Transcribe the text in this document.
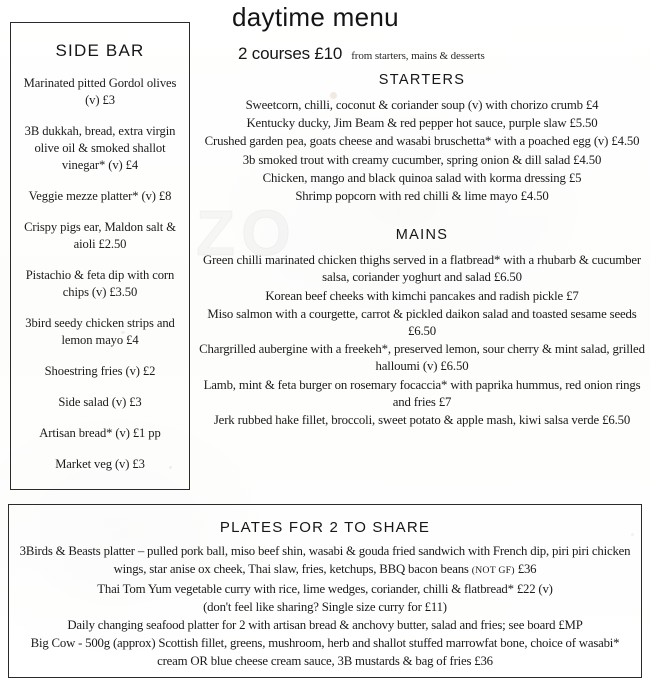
ZO
daytime menu
2 courses £10 from starters, mains & desserts
SIDE BAR
Marinated pitted Gordol olives (v) £3
3B dukkah, bread, extra virgin olive oil & smoked shallot vinegar* (v) £4
Veggie mezze platter* (v) £8
Crispy pigs ear, Maldon salt & aioli £2.50
Pistachio & feta dip with corn chips (v) £3.50
3bird seedy chicken strips and lemon mayo £4
Shoestring fries (v) £2
Side salad (v) £3
Artisan bread* (v) £1 pp
Market veg (v) £3
STARTERS
Sweetcorn, chilli, coconut & coriander soup (v) with chorizo crumb £4
Kentucky ducky, Jim Beam & red pepper hot sauce, purple slaw £5.50
Crushed garden pea, goats cheese and wasabi bruschetta* with a poached egg (v) £4.50
3b smoked trout with creamy cucumber, spring onion & dill salad £4.50
Chicken, mango and black quinoa salad with korma dressing £5
Shrimp popcorn with red chilli & lime mayo £4.50
MAINS
Green chilli marinated chicken thighs served in a flatbread* with a rhubarb & cucumber salsa, coriander yoghurt and salad £6.50
Korean beef cheeks with kimchi pancakes and radish pickle £7
Miso salmon with a courgette, carrot & pickled daikon salad and toasted sesame seeds £6.50
Chargrilled aubergine with a freekeh*, preserved lemon, sour cherry & mint salad, grilled halloumi (v) £6.50
Lamb, mint & feta burger on rosemary focaccia* with paprika hummus, red onion rings and fries £7
Jerk rubbed hake fillet, broccoli, sweet potato & apple mash, kiwi salsa verde £6.50
PLATES FOR 2 TO SHARE
3Birds & Beasts platter – pulled pork ball, miso beef shin, wasabi & gouda fried sandwich with French dip, piri piri chicken wings, star anise ox cheek, Thai slaw, fries, ketchups, BBQ bacon beans (NOT GF) £36
Thai Tom Yum vegetable curry with rice, lime wedges, coriander, chilli & flatbread* £22 (v)
(don't feel like sharing? Single size curry for £11)
Daily changing seafood platter for 2 with artisan bread & anchovy butter, salad and fries; see board £MP
Big Cow - 500g (approx) Scottish fillet, greens, mushroom, herb and shallot stuffed marrowfat bone, choice of wasabi* cream OR blue cheese cream sauce, 3B mustards & bag of fries £36
